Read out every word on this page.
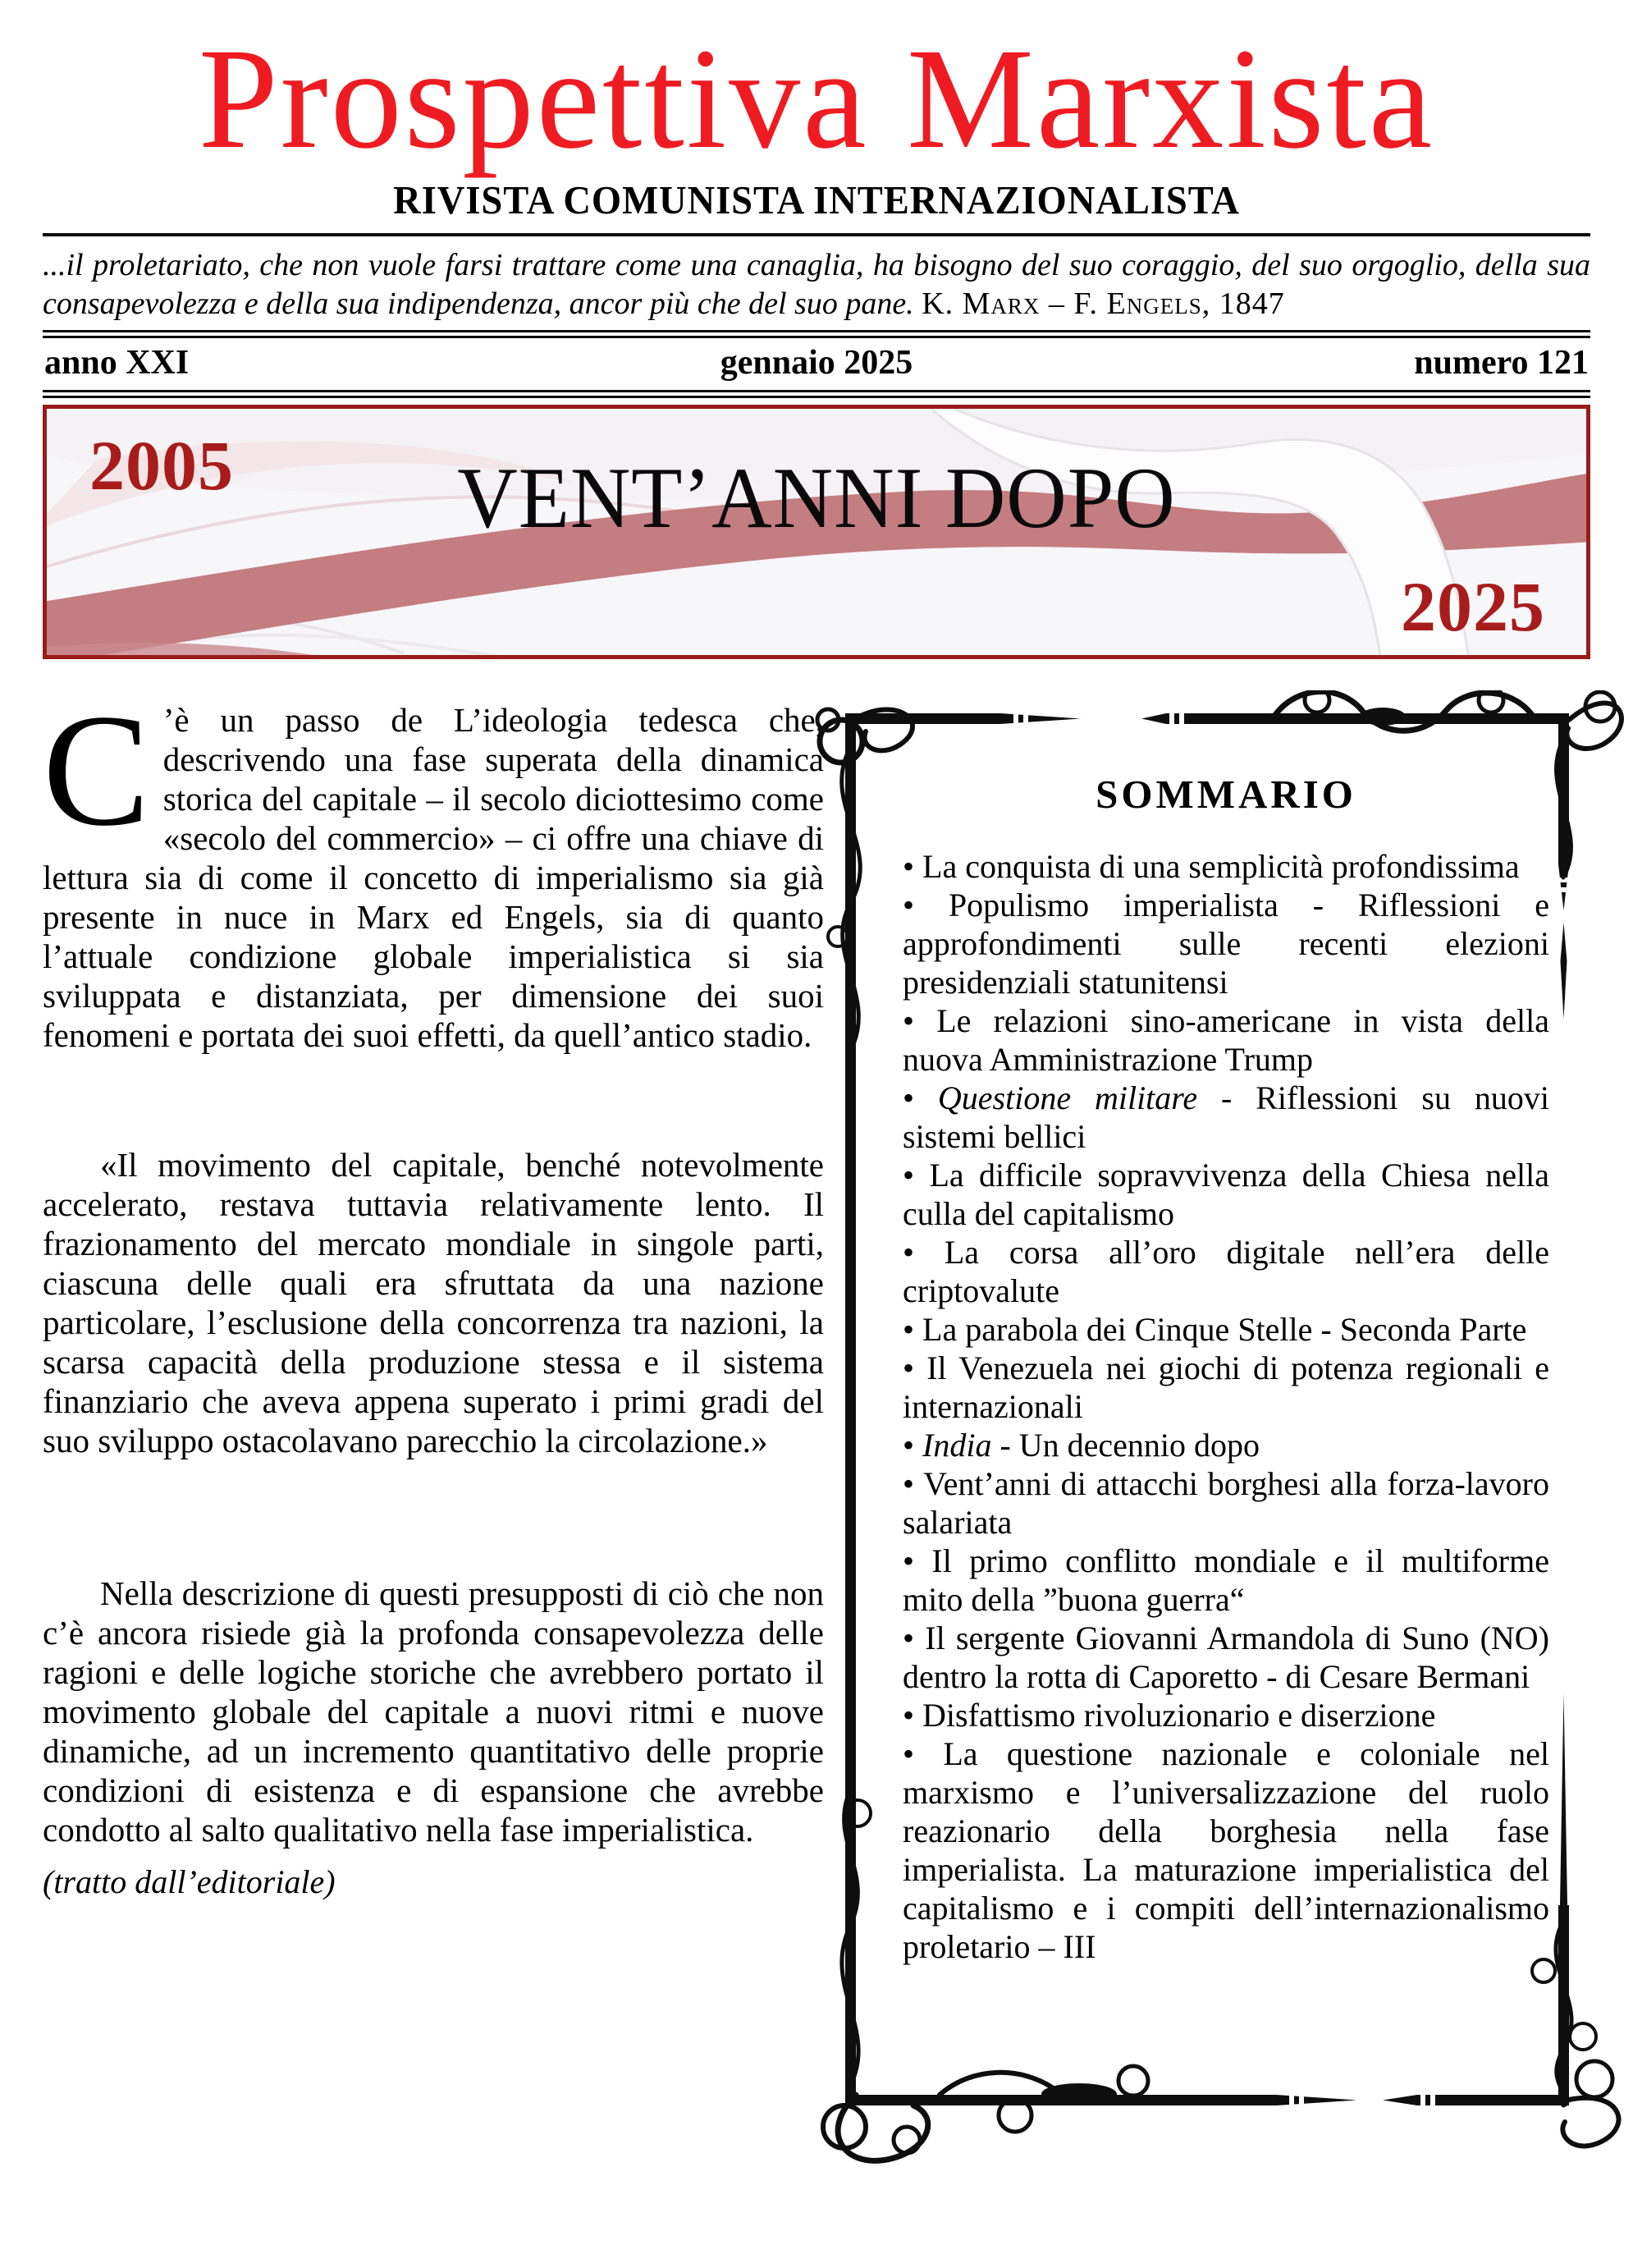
Prospettiva Marxista
RIVISTA COMUNISTA INTERNAZIONALISTA

...il proletariato, che non vuole farsi trattare come una canaglia, ha bisogno del suo coraggio, del suo orgoglio, della sua consapevolezza e della sua indipendenza, ancor più che del suo pane. K. Marx – F. Engels, 1847

anno XXI	gennaio 2025	numero 121
2005	VENT’ANNI DOPO
2025

C ’è un passo de L’ideologia tedesca che, descrivendo una fase superata della dinamica storica del capitale – il secolo diciottesimo come «secolo del commercio» – ci offre una chiave di lettura sia di come il concetto di imperialismo sia già presente in nuce in Marx ed Engels, sia di quanto l’attuale condizione globale imperialistica si sia sviluppata e distanziata, per dimensione dei suoi fenomeni e portata dei suoi effetti, da quell’antico stadio.

«Il movimento del capitale, benché notevolmente accelerato, restava tuttavia relativamente lento. Il frazionamento del mercato mondiale in singole parti, ciascuna delle quali era sfruttata da una nazione particolare, l’esclusione della concorrenza tra nazioni, la scarsa capacità della produzione stessa e il sistema finanziario che aveva appena superato i primi gradi del suo sviluppo ostacolavano parecchio la circolazione.»

Nella descrizione di questi presupposti di ciò che non c’è ancora risiede già la profonda consapevolezza delle ragioni e delle logiche storiche che avrebbero portato il movimento globale del capitale a nuovi ritmi e nuove dinamiche, ad un incremento quantitativo delle proprie condizioni di esistenza e di espansione che avrebbe condotto al salto qualitativo nella fase imperialistica.

(tratto dall’editoriale)

SOMMARIO

• La conquista di una semplicità profondissima

• Populismo imperialista - Riflessioni e approfondimenti sulle recenti elezioni presidenziali statunitensi

• Le relazioni sino-americane in vista della nuova Amministrazione Trump

• Questione militare - Riflessioni su nuovi sistemi bellici

• La difficile sopravvivenza della Chiesa nella culla del capitalismo

• La corsa all’oro digitale nell’era delle criptovalute

• La parabola dei Cinque Stelle - Seconda Parte

• Il Venezuela nei giochi di potenza regionali e internazionali

• India - Un decennio dopo

• Vent’anni di attacchi borghesi alla forza-lavoro salariata

• Il primo conflitto mondiale e il multiforme mito della ”buona guerra“

• Il sergente Giovanni Armandola di Suno (NO) dentro la rotta di Caporetto - di Cesare Bermani

• Disfattismo rivoluzionario e diserzione

• La questione nazionale e coloniale nel marxismo e l’universalizzazione del ruolo reazionario della borghesia nella fase imperialista. La maturazione imperialistica del capitalismo e i compiti dell’internazionalismo proletario – III
